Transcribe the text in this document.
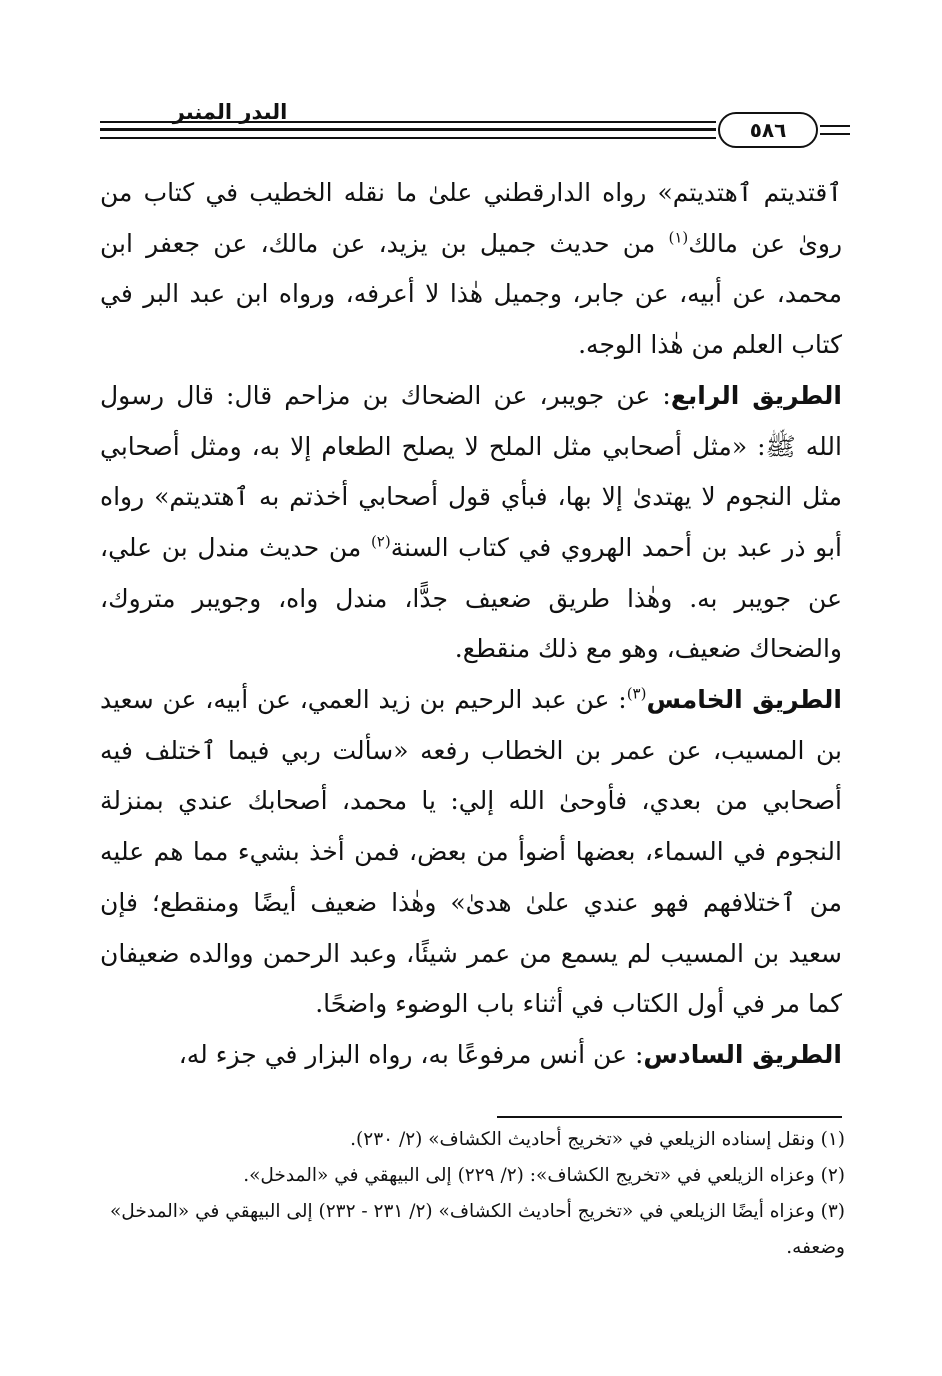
البدر المنير
٥٨٦

ٱقتديتم ٱهتديتم» رواه الدارقطني علىٰ ما نقله الخطيب في كتاب من روىٰ عن مالك$^{(١)}$ من حديث جميل بن يزيد، عن مالك، عن جعفر ابن محمد، عن أبيه، عن جابر، وجميل هٰذا لا أعرفه، ورواه ابن عبد البر في كتاب العلم من هٰذا الوجه.

الطريق الرابع: عن جويبر، عن الضحاك بن مزاحم قال: قال رسول الله ﷺ: «مثل أصحابي مثل الملح لا يصلح الطعام إلا به، ومثل أصحابي مثل النجوم لا يهتدىٰ إلا بها، فبأي قول أصحابي أخذتم به ٱهتديتم» رواه أبو ذر عبد بن أحمد الهروي في كتاب السنة$^{(٢)}$ من حديث مندل بن علي، عن جويبر به. وهٰذا طريق ضعيف جدًّا، مندل واه، وجويبر متروك، والضحاك ضعيف، وهو مع ذلك منقطع.

الطريق الخامس$^{(٣)}$: عن عبد الرحيم بن زيد العمي، عن أبيه، عن سعيد بن المسيب، عن عمر بن الخطاب رفعه «سألت ربي فيما ٱختلف فيه أصحابي من بعدي، فأوحىٰ الله إلي: يا محمد، أصحابك عندي بمنزلة النجوم في السماء، بعضها أضوأ من بعض، فمن أخذ بشيء مما هم عليه من ٱختلافهم فهو عندي علىٰ هدىٰ» وهٰذا ضعيف أيضًا ومنقطع؛ فإن سعيد بن المسيب لم يسمع من عمر شيئًا، وعبد الرحمن ووالده ضعيفان كما مر في أول الكتاب في أثناء باب الوضوء واضحًا.

الطريق السادس: عن أنس مرفوعًا به، رواه البزار في جزء له،

(١) ونقل إسناده الزيلعي في «تخريج أحاديث الكشاف» (٢/ ٢٣٠).

(٢) وعزاه الزيلعي في «تخريج الكشاف»: (٢/ ٢٢٩) إلى البيهقي في «المدخل».

(٣) وعزاه أيضًا الزيلعي في «تخريج أحاديث الكشاف» (٢/ ٢٣١ - ٢٣٢) إلى البيهقي في «المدخل» وضعفه.
